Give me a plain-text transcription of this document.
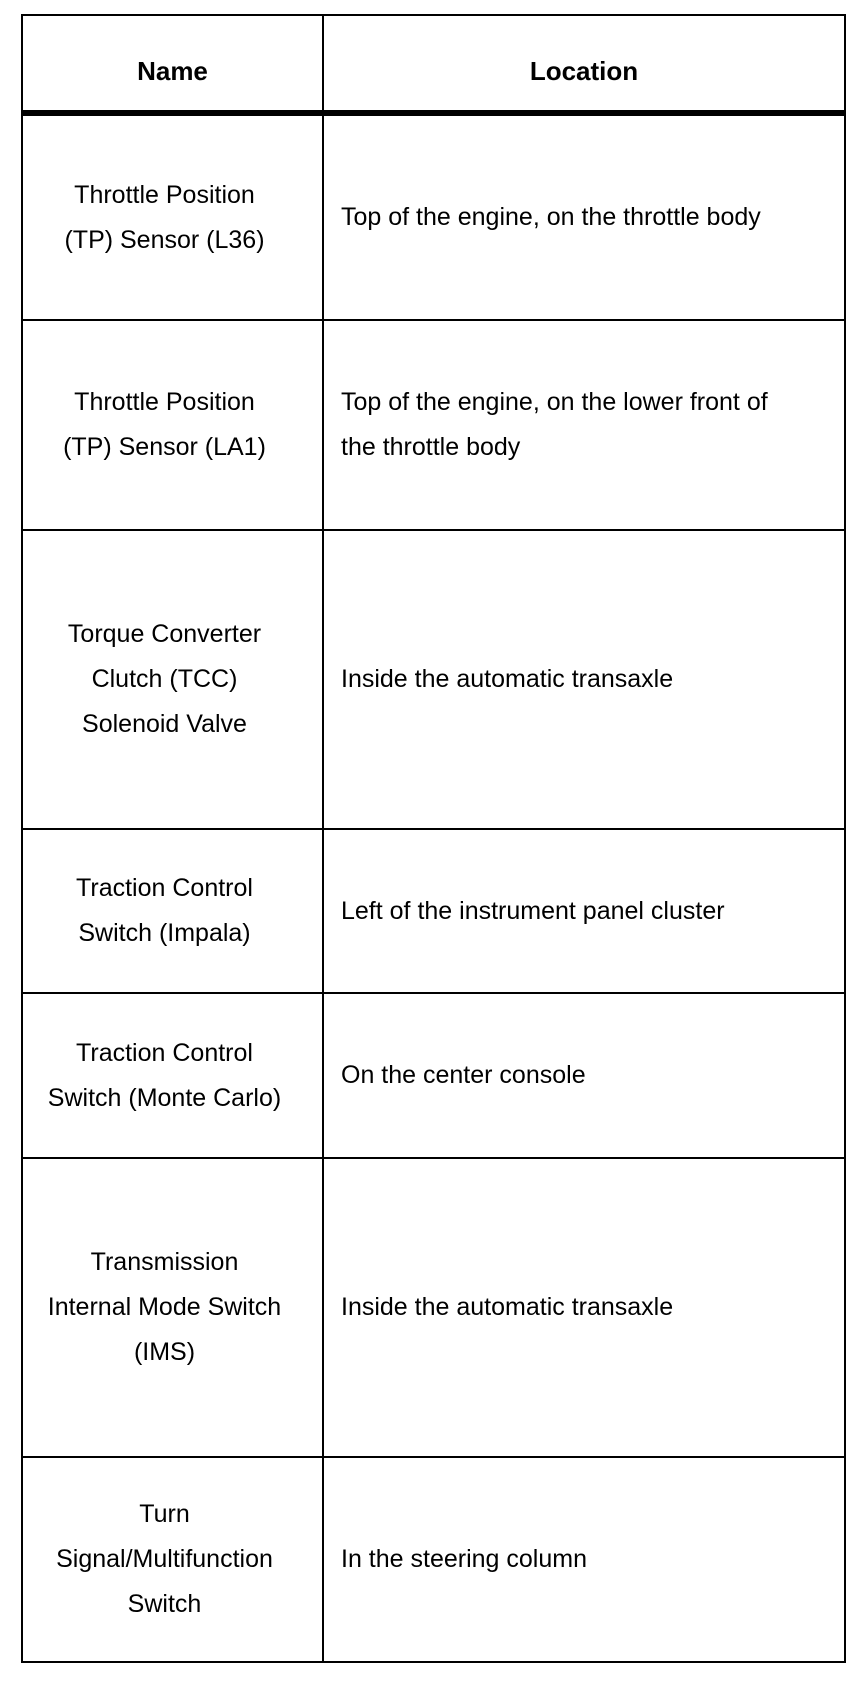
Name	Location
Throttle Position (TP) Sensor (L36)	Top of the engine, on the throttle body
Throttle Position (TP) Sensor (LA1)	Top of the engine, on the lower front of the throttle body
Torque Converter Clutch (TCC) Solenoid Valve	Inside the automatic transaxle
Traction Control Switch (Impala)	Left of the instrument panel cluster
Traction Control Switch (Monte Carlo)	On the center console
Transmission Internal Mode Switch (IMS)	Inside the automatic transaxle
Turn Signal/Multifunction Switch	In the steering column
